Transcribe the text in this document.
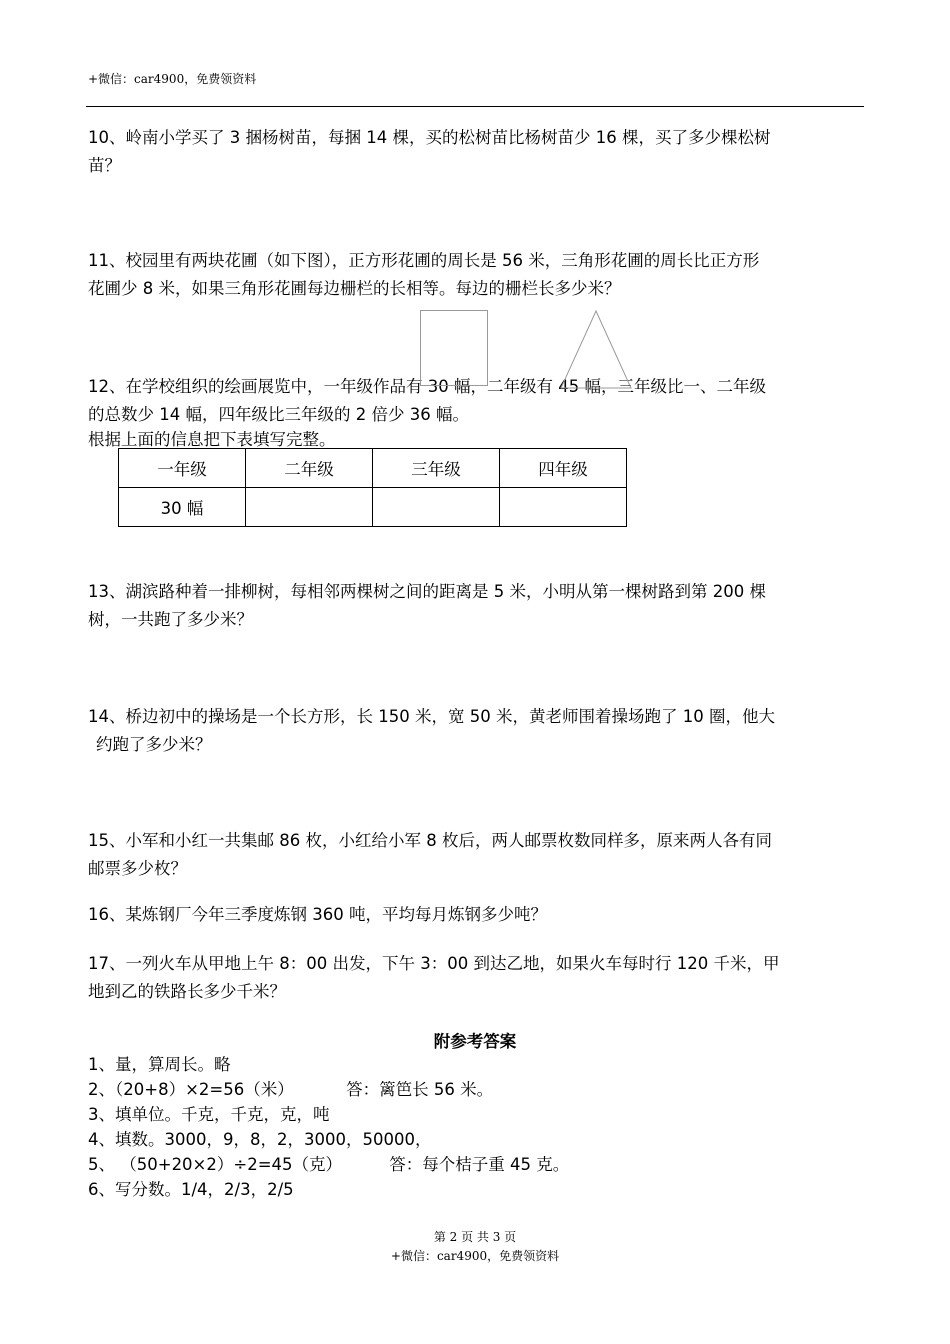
+微信：car4900，免费领资料

10、岭南小学买了 3 捆杨树苗，每捆 14 棵，买的松树苗比杨树苗少 16 棵，买了多少棵松树

苗？

11、校园里有两块花圃（如下图），正方形花圃的周长是 56 米，三角形花圃的周长比正方形

花圃少 8 米，如果三角形花圃每边栅栏的长相等。每边的栅栏长多少米？

12、在学校组织的绘画展览中，一年级作品有 30 幅，二年级有 45 幅，三年级比一、二年级

的总数少 14 幅，四年级比三年级的 2 倍少 36 幅。

根据上面的信息把下表填写完整。

一年级	二年级	三年级	四年级
30 幅			

13、湖滨路种着一排柳树，每相邻两棵树之间的距离是 5 米，小明从第一棵树路到第 200 棵

树，一共跑了多少米？

14、桥边初中的操场是一个长方形，长 150 米，宽 50 米，黄老师围着操场跑了 10 圈，他大

约跑了多少米？

15、小军和小红一共集邮 86 枚，小红给小军 8 枚后，两人邮票枚数同样多，原来两人各有同

邮票多少枚？

16、某炼钢厂今年三季度炼钢 360 吨，平均每月炼钢多少吨？

17、一列火车从甲地上午 8：00 出发，下午 3：00 到达乙地，如果火车每时行 120 千米，甲

地到乙的铁路长多少千米？

附参考答案

1、量，算周长。略

2、（20+8）×2=56（米）          答：篱笆长 56 米。

3、填单位。千克，千克，克，吨

4、填数。3000，9，8，2，3000，50000，

5、 （50+20×2）÷2=45（克）         答：每个桔子重 45 克。

6、写分数。1/4，2/3，2/5

第 2 页 共 3 页
+微信：car4900，免费领资料
